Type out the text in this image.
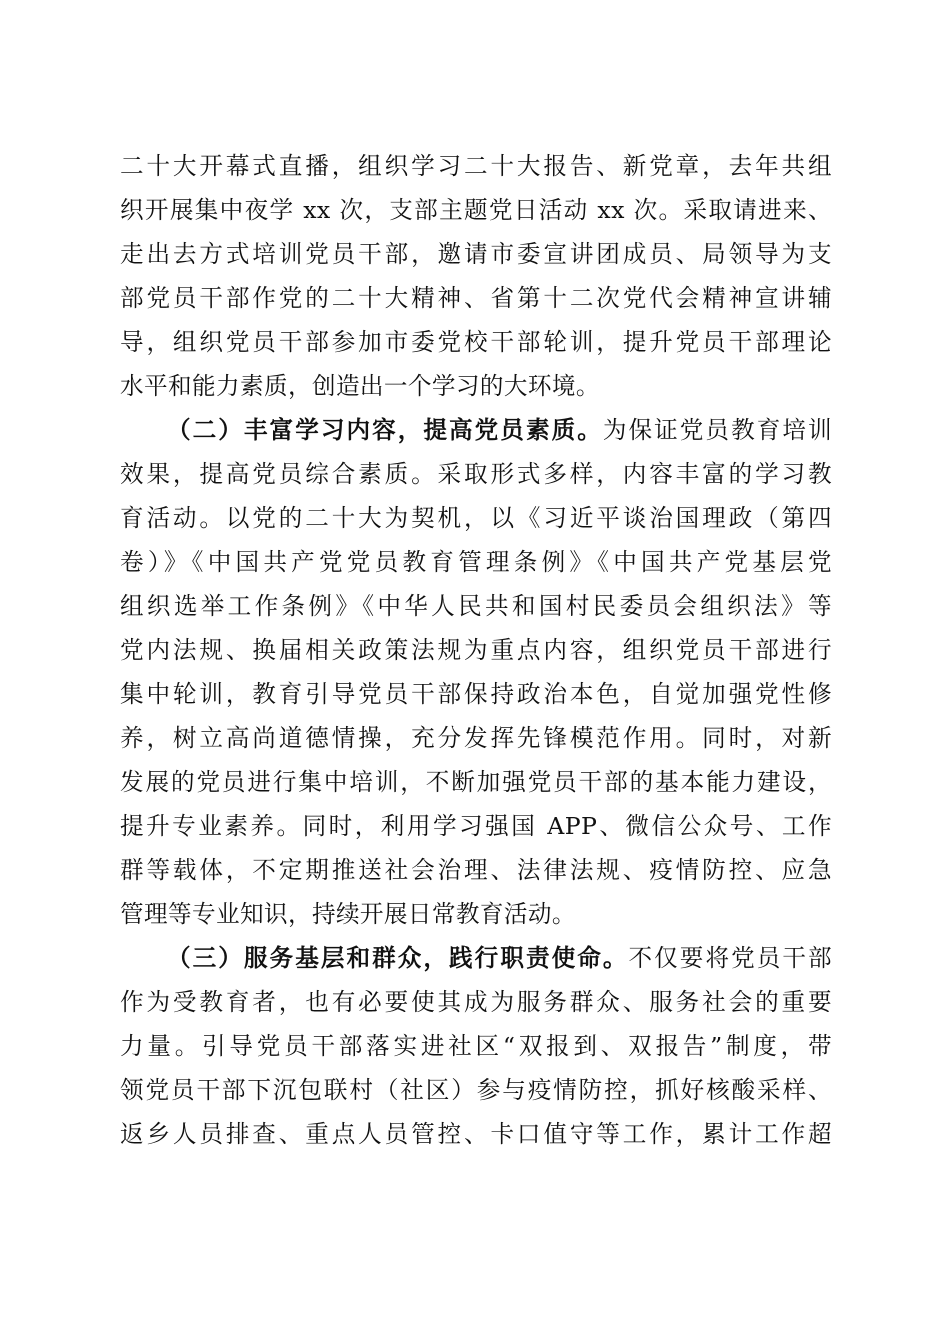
二十大开幕式直播，组织学习二十大报告、新党章，去年共组
织开展集中夜学 xx 次，支部主题党日活动 xx 次。采取请进来、
走出去方式培训党员干部，邀请市委宣讲团成员、局领导为支
部党员干部作党的二十大精神、省第十二次党代会精神宣讲辅
导，组织党员干部参加市委党校干部轮训，提升党员干部理论
水平和能力素质，创造出一个学习的大环境。
（二）丰富学习内容，提高党员素质。为保证党员教育培训
效果，提高党员综合素质。采取形式多样，内容丰富的学习教
育活动。以党的二十大为契机，以《习近平谈治国理政（第四
卷）》《中国共产党党员教育管理条例》《中国共产党基层党
组织选举工作条例》《中华人民共和国村民委员会组织法》等
党内法规、换届相关政策法规为重点内容，组织党员干部进行
集中轮训，教育引导党员干部保持政治本色，自觉加强党性修
养，树立高尚道德情操，充分发挥先锋模范作用。同时，对新
发展的党员进行集中培训，不断加强党员干部的基本能力建设，
提升专业素养。同时，利用学习强国 APP、微信公众号、工作
群等载体，不定期推送社会治理、法律法规、疫情防控、应急
管理等专业知识，持续开展日常教育活动。
（三）服务基层和群众，践行职责使命。不仅要将党员干部
作为受教育者，也有必要使其成为服务群众、服务社会的重要
力量。引导党员干部落实进社区“双报到、双报告”制度，带
领党员干部下沉包联村（社区）参与疫情防控，抓好核酸采样、
返乡人员排查、重点人员管控、卡口值守等工作，累计工作超
